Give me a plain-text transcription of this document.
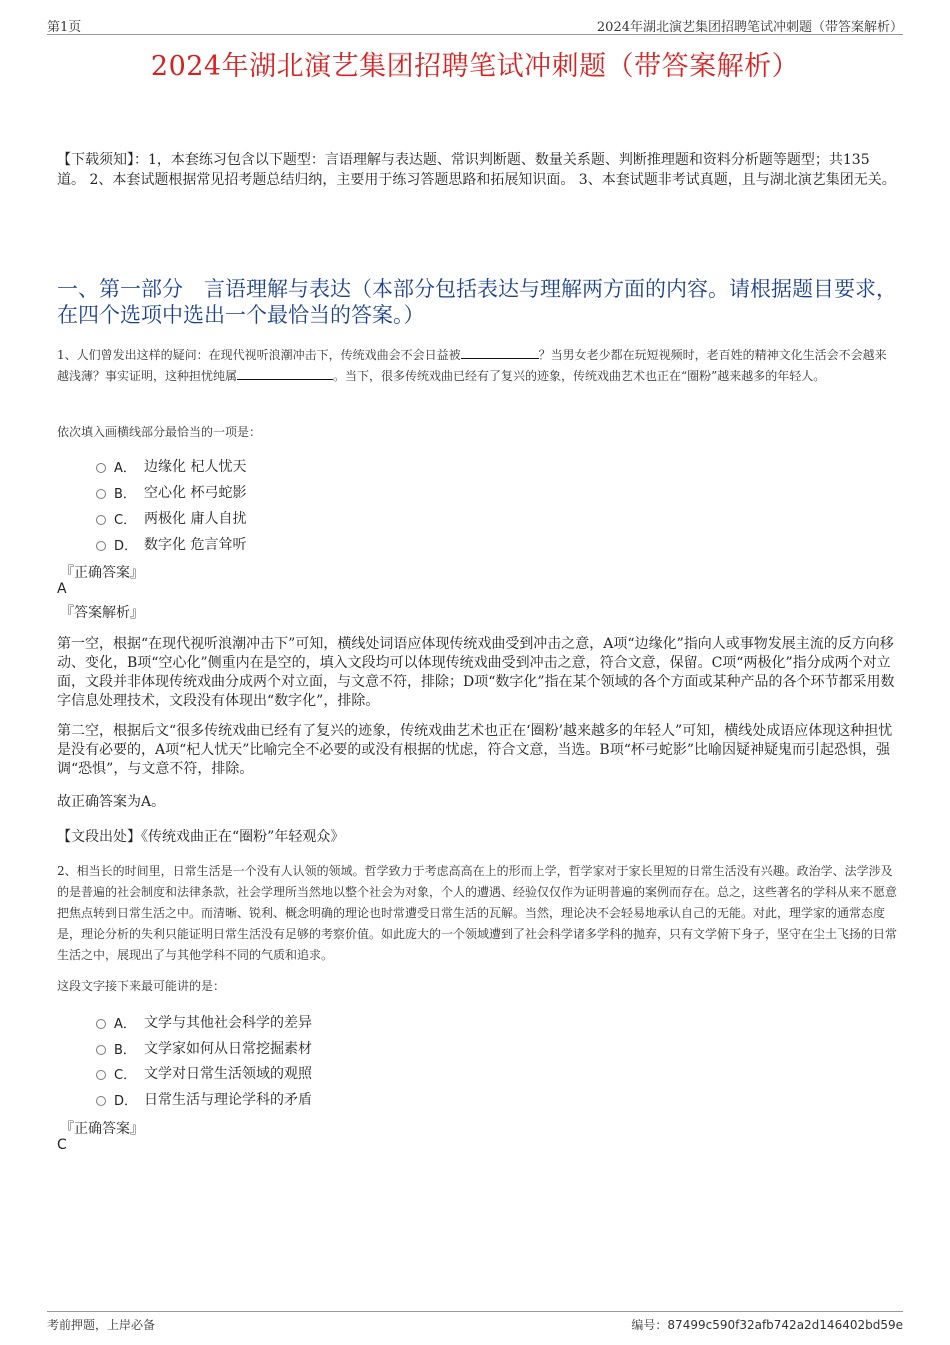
第1页	2024年湖北演艺集团招聘笔试冲刺题（带答案解析）
2024年湖北演艺集团招聘笔试冲刺题（带答案解析）
【下载须知】：1，本套练习包含以下题型：言语理解与表达题、常识判断题、数量关系题、判断推理题和资料分析题等题型；共135道。 2、本套试题根据常见招考题总结归纳，主要用于练习答题思路和拓展知识面。 3、本套试题非考试真题，且与湖北演艺集团无关。
一、第一部分　言语理解与表达（本部分包括表达与理解两方面的内容。请根据题目要求，在四个选项中选出一个最恰当的答案。）
1、人们曾发出这样的疑问：在现代视听浪潮冲击下，传统戏曲会不会日益被	？当男女老少都在玩短视频时，老百姓的精神文化生活会不会越来越浅薄？事实证明，这种担忧纯属	。当下，很多传统戏曲已经有了复兴的迹象，传统戏曲艺术也正在“圈粉”越来越多的年轻人。
依次填入画横线部分最恰当的一项是：
A． 边缘化 杞人忧天
B． 空心化 杯弓蛇影
C． 两极化 庸人自扰
D． 数字化 危言耸听
『正确答案』
A
『答案解析』
第一空，根据“在现代视听浪潮冲击下”可知，横线处词语应体现传统戏曲受到冲击之意，A项“边缘化”指向人或事物发展主流的反方向移动、变化，B项“空心化”侧重内在是空的，填入文段均可以体现传统戏曲受到冲击之意，符合文意，保留。C项“两极化”指分成两个对立面，文段并非体现传统戏曲分成两个对立面，与文意不符，排除；D项“数字化”指在某个领域的各个方面或某种产品的各个环节都采用数字信息处理技术，文段没有体现出“数字化”，排除。
第二空，根据后文“很多传统戏曲已经有了复兴的迹象，传统戏曲艺术也正在‘圈粉’越来越多的年轻人”可知，横线处成语应体现这种担忧是没有必要的，A项“杞人忧天”比喻完全不必要的或没有根据的忧虑，符合文意，当选。B项“杯弓蛇影”比喻因疑神疑鬼而引起恐惧，强调“恐惧”，与文意不符，排除。
故正确答案为A。
【文段出处】《传统戏曲正在“圈粉”年轻观众》
2、相当长的时间里，日常生活是一个没有人认领的领域。哲学致力于考虑高高在上的形而上学，哲学家对于家长里短的日常生活没有兴趣。政治学、法学涉及的是普遍的社会制度和法律条款，社会学理所当然地以整个社会为对象，个人的遭遇、经验仅仅作为证明普遍的案例而存在。总之，这些著名的学科从来不愿意把焦点转到日常生活之中。而清晰、锐利、概念明确的理论也时常遭受日常生活的瓦解。当然，理论决不会轻易地承认自己的无能。对此，理学家的通常态度是，理论分析的失利只能证明日常生活没有足够的考察价值。如此庞大的一个领域遭到了社会科学诸多学科的抛弃，只有文学俯下身子，坚守在尘土飞扬的日常生活之中，展现出了与其他学科不同的气质和追求。
这段文字接下来最可能讲的是：
A． 文学与其他社会科学的差异
B． 文学家如何从日常挖掘素材
C． 文学对日常生活领域的观照
D． 日常生活与理论学科的矛盾
『正确答案』
C
考前押题，上岸必备	编号：87499c590f32afb742a2d146402bd59e
